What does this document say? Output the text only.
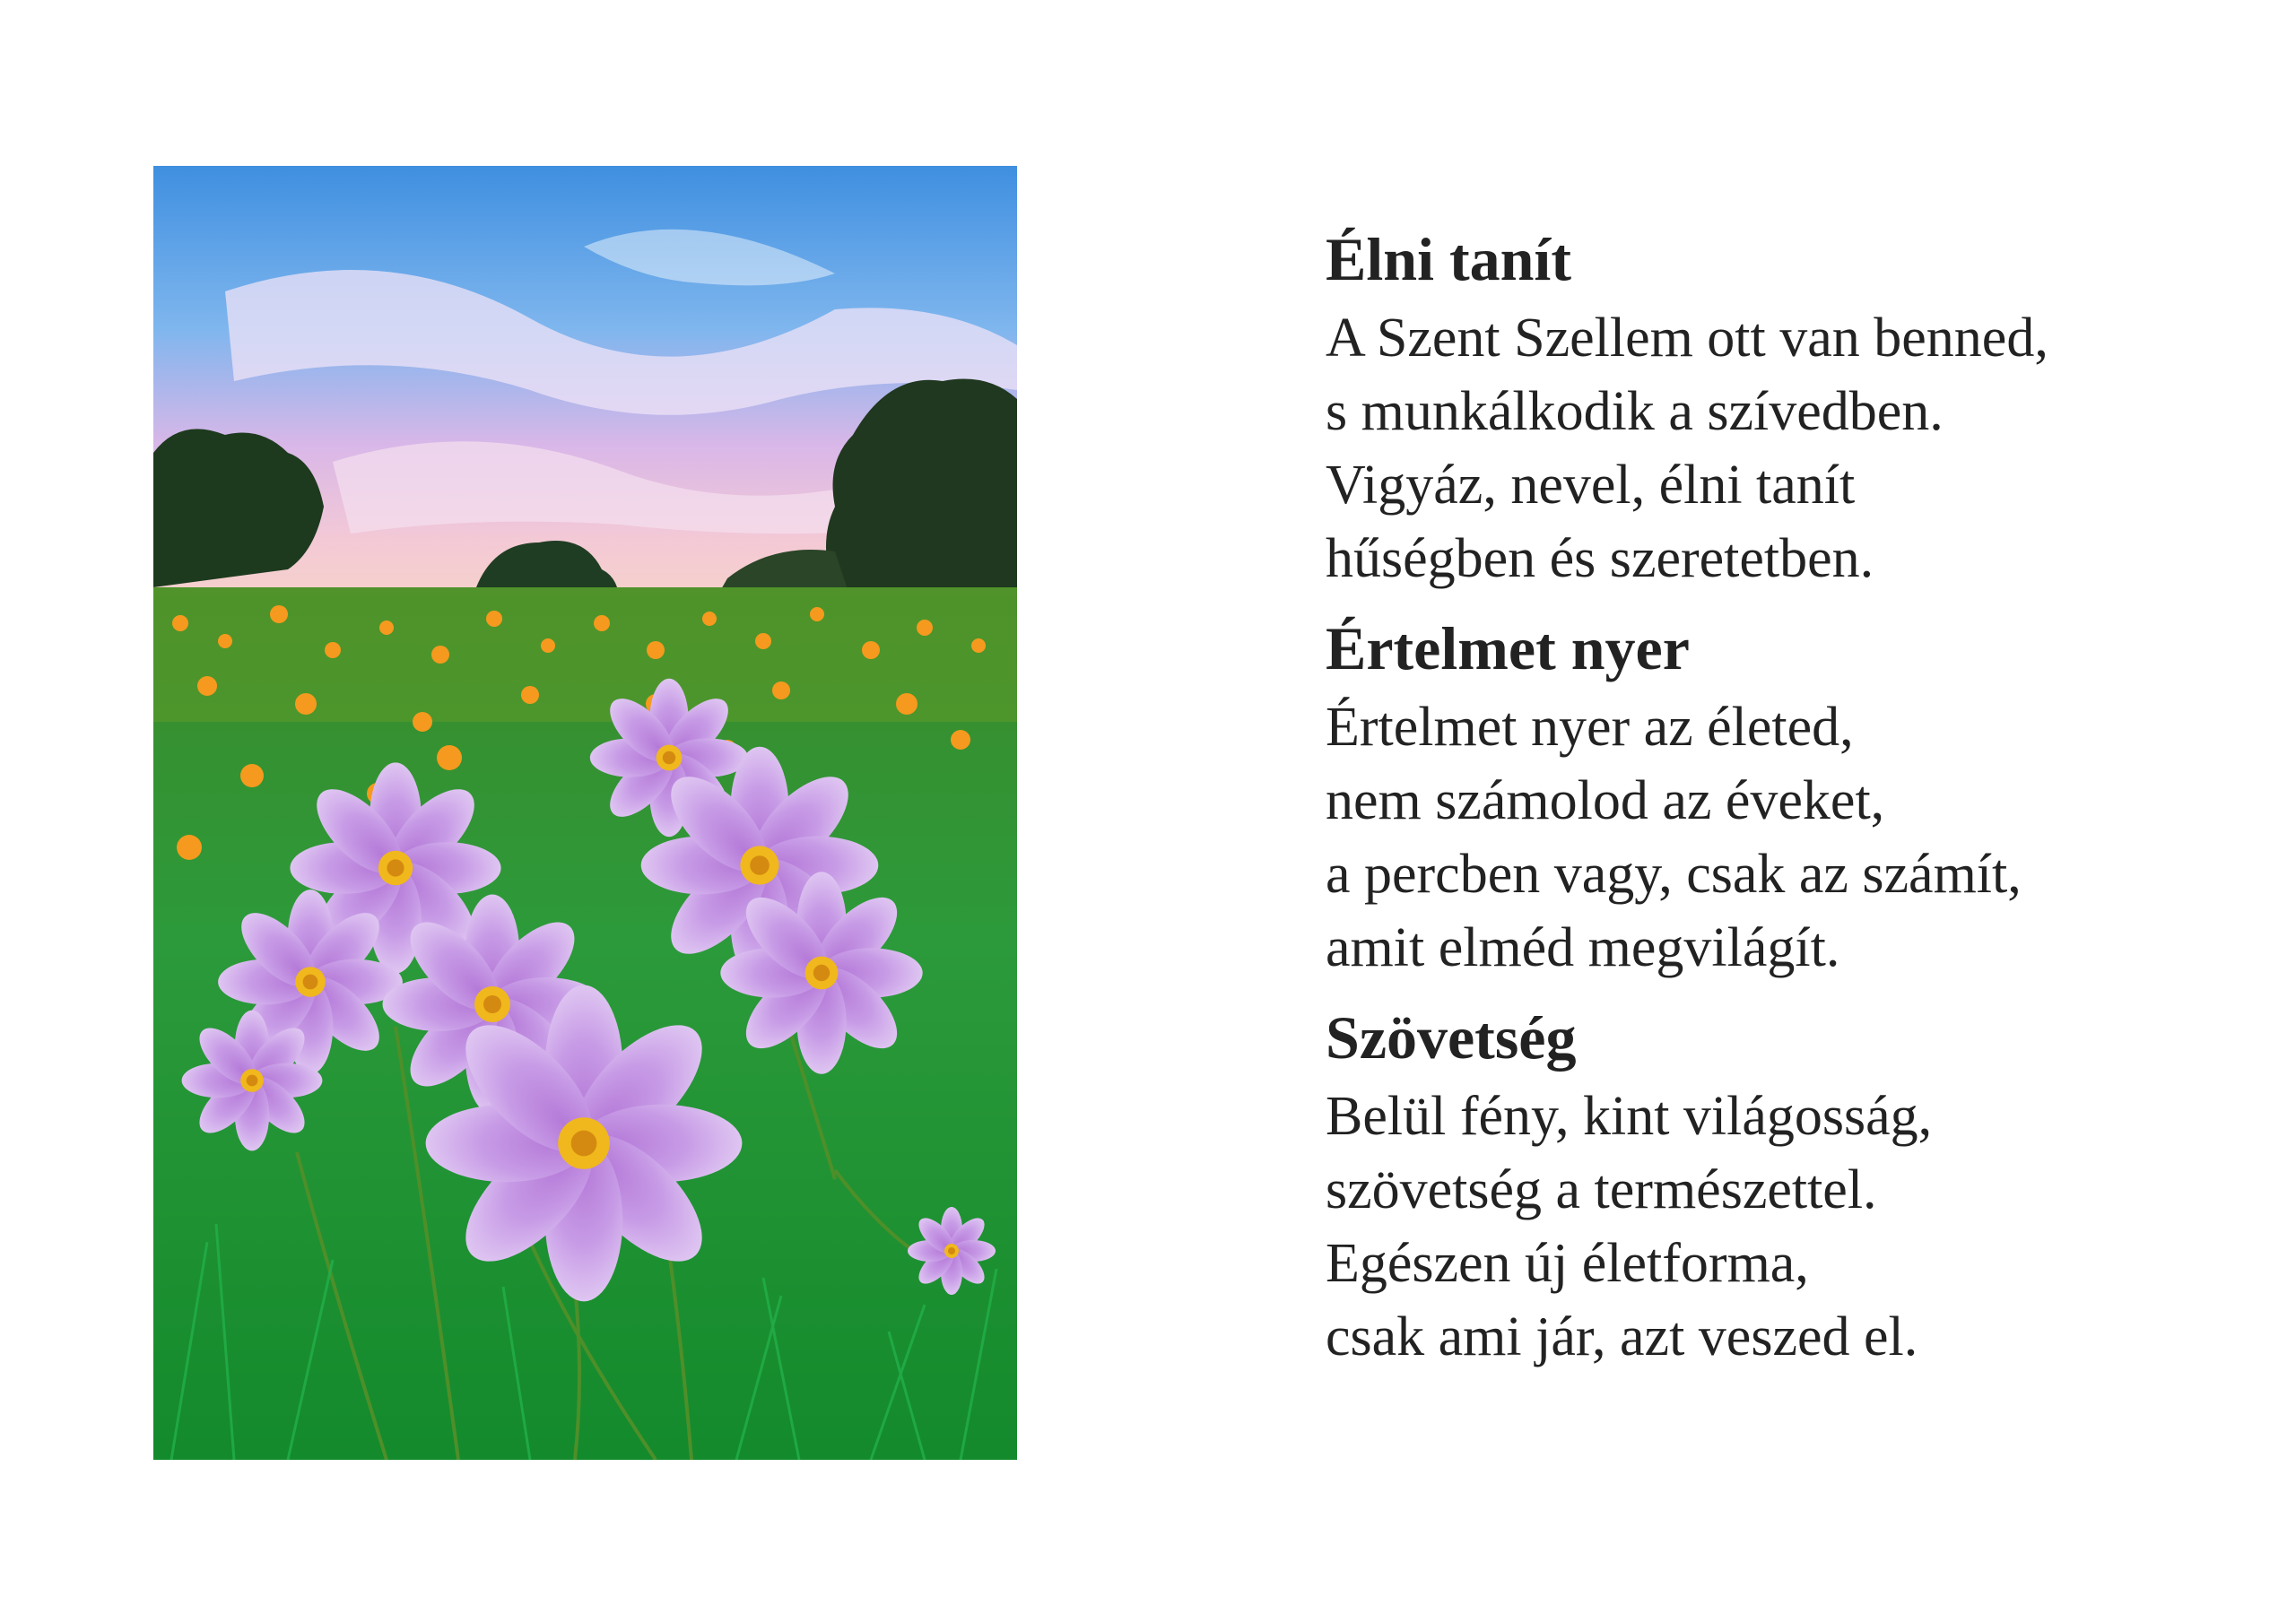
Élni tanít
A Szent Szellem ott van benned,
s munkálkodik a szívedben.
Vigyáz, nevel, élni tanít
hűségben és szeretetben.
Értelmet nyer
Értelmet nyer az életed,
nem számolod az éveket,
a percben vagy, csak az számít,
amit elméd megvilágít.
Szövetség
Belül fény, kint világosság,
szövetség a természettel.
Egészen új életforma,
csak ami jár, azt veszed el.
